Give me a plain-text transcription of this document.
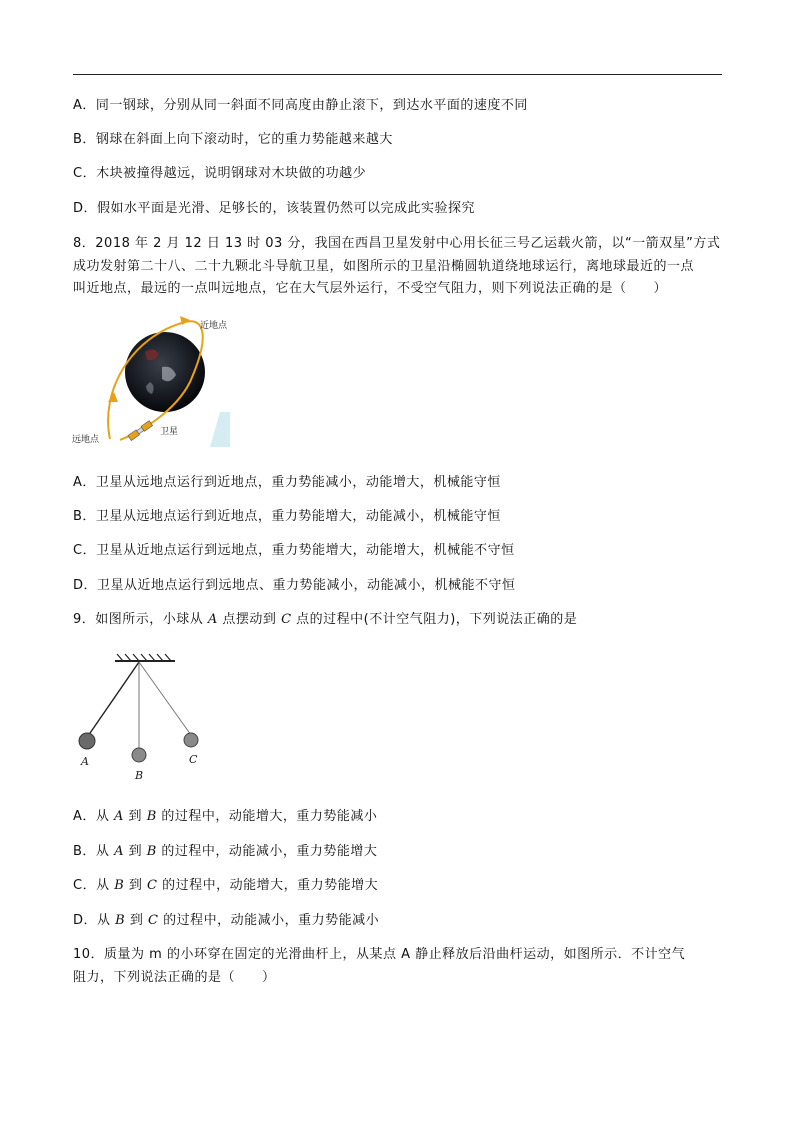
A．同一钢球，分别从同一斜面不同高度由静止滚下，到达水平面的速度不同
B．钢球在斜面上向下滚动时，它的重力势能越来越大
C．木块被撞得越远，说明钢球对木块做的功越少
D．假如水平面是光滑、足够长的，该装置仍然可以完成此实验探究
8．2018 年 2 月 12 日 13 时 03 分，我国在西昌卫星发射中心用长征三号乙运载火箭，以“一箭双星”方式
成功发射第二十八、二十九颗北斗导航卫星，如图所示的卫星沿椭圆轨道绕地球运行，离地球最近的一点
叫近地点，最远的一点叫远地点，它在大气层外运行，不受空气阻力，则下列说法正确的是（　　）
近地点
远地点
卫星
A．卫星从远地点运行到近地点，重力势能减小，动能增大，机械能守恒
B．卫星从远地点运行到近地点，重力势能增大，动能减小，机械能守恒
C．卫星从近地点运行到远地点，重力势能增大，动能增大，机械能不守恒
D．卫星从近地点运行到远地点、重力势能减小，动能减小，机械能不守恒
9．如图所示，小球从 A 点摆动到 C 点的过程中(不计空气阻力)，下列说法正确的是
A
B
C
A．从 A 到 B 的过程中，动能增大，重力势能减小
B．从 A 到 B 的过程中，动能减小，重力势能增大
C．从 B 到 C 的过程中，动能增大，重力势能增大
D．从 B 到 C 的过程中，动能减小，重力势能减小
10．质量为 m 的小环穿在固定的光滑曲杆上，从某点 A 静止释放后沿曲杆运动，如图所示．不计空气
阻力，下列说法正确的是（　　）
